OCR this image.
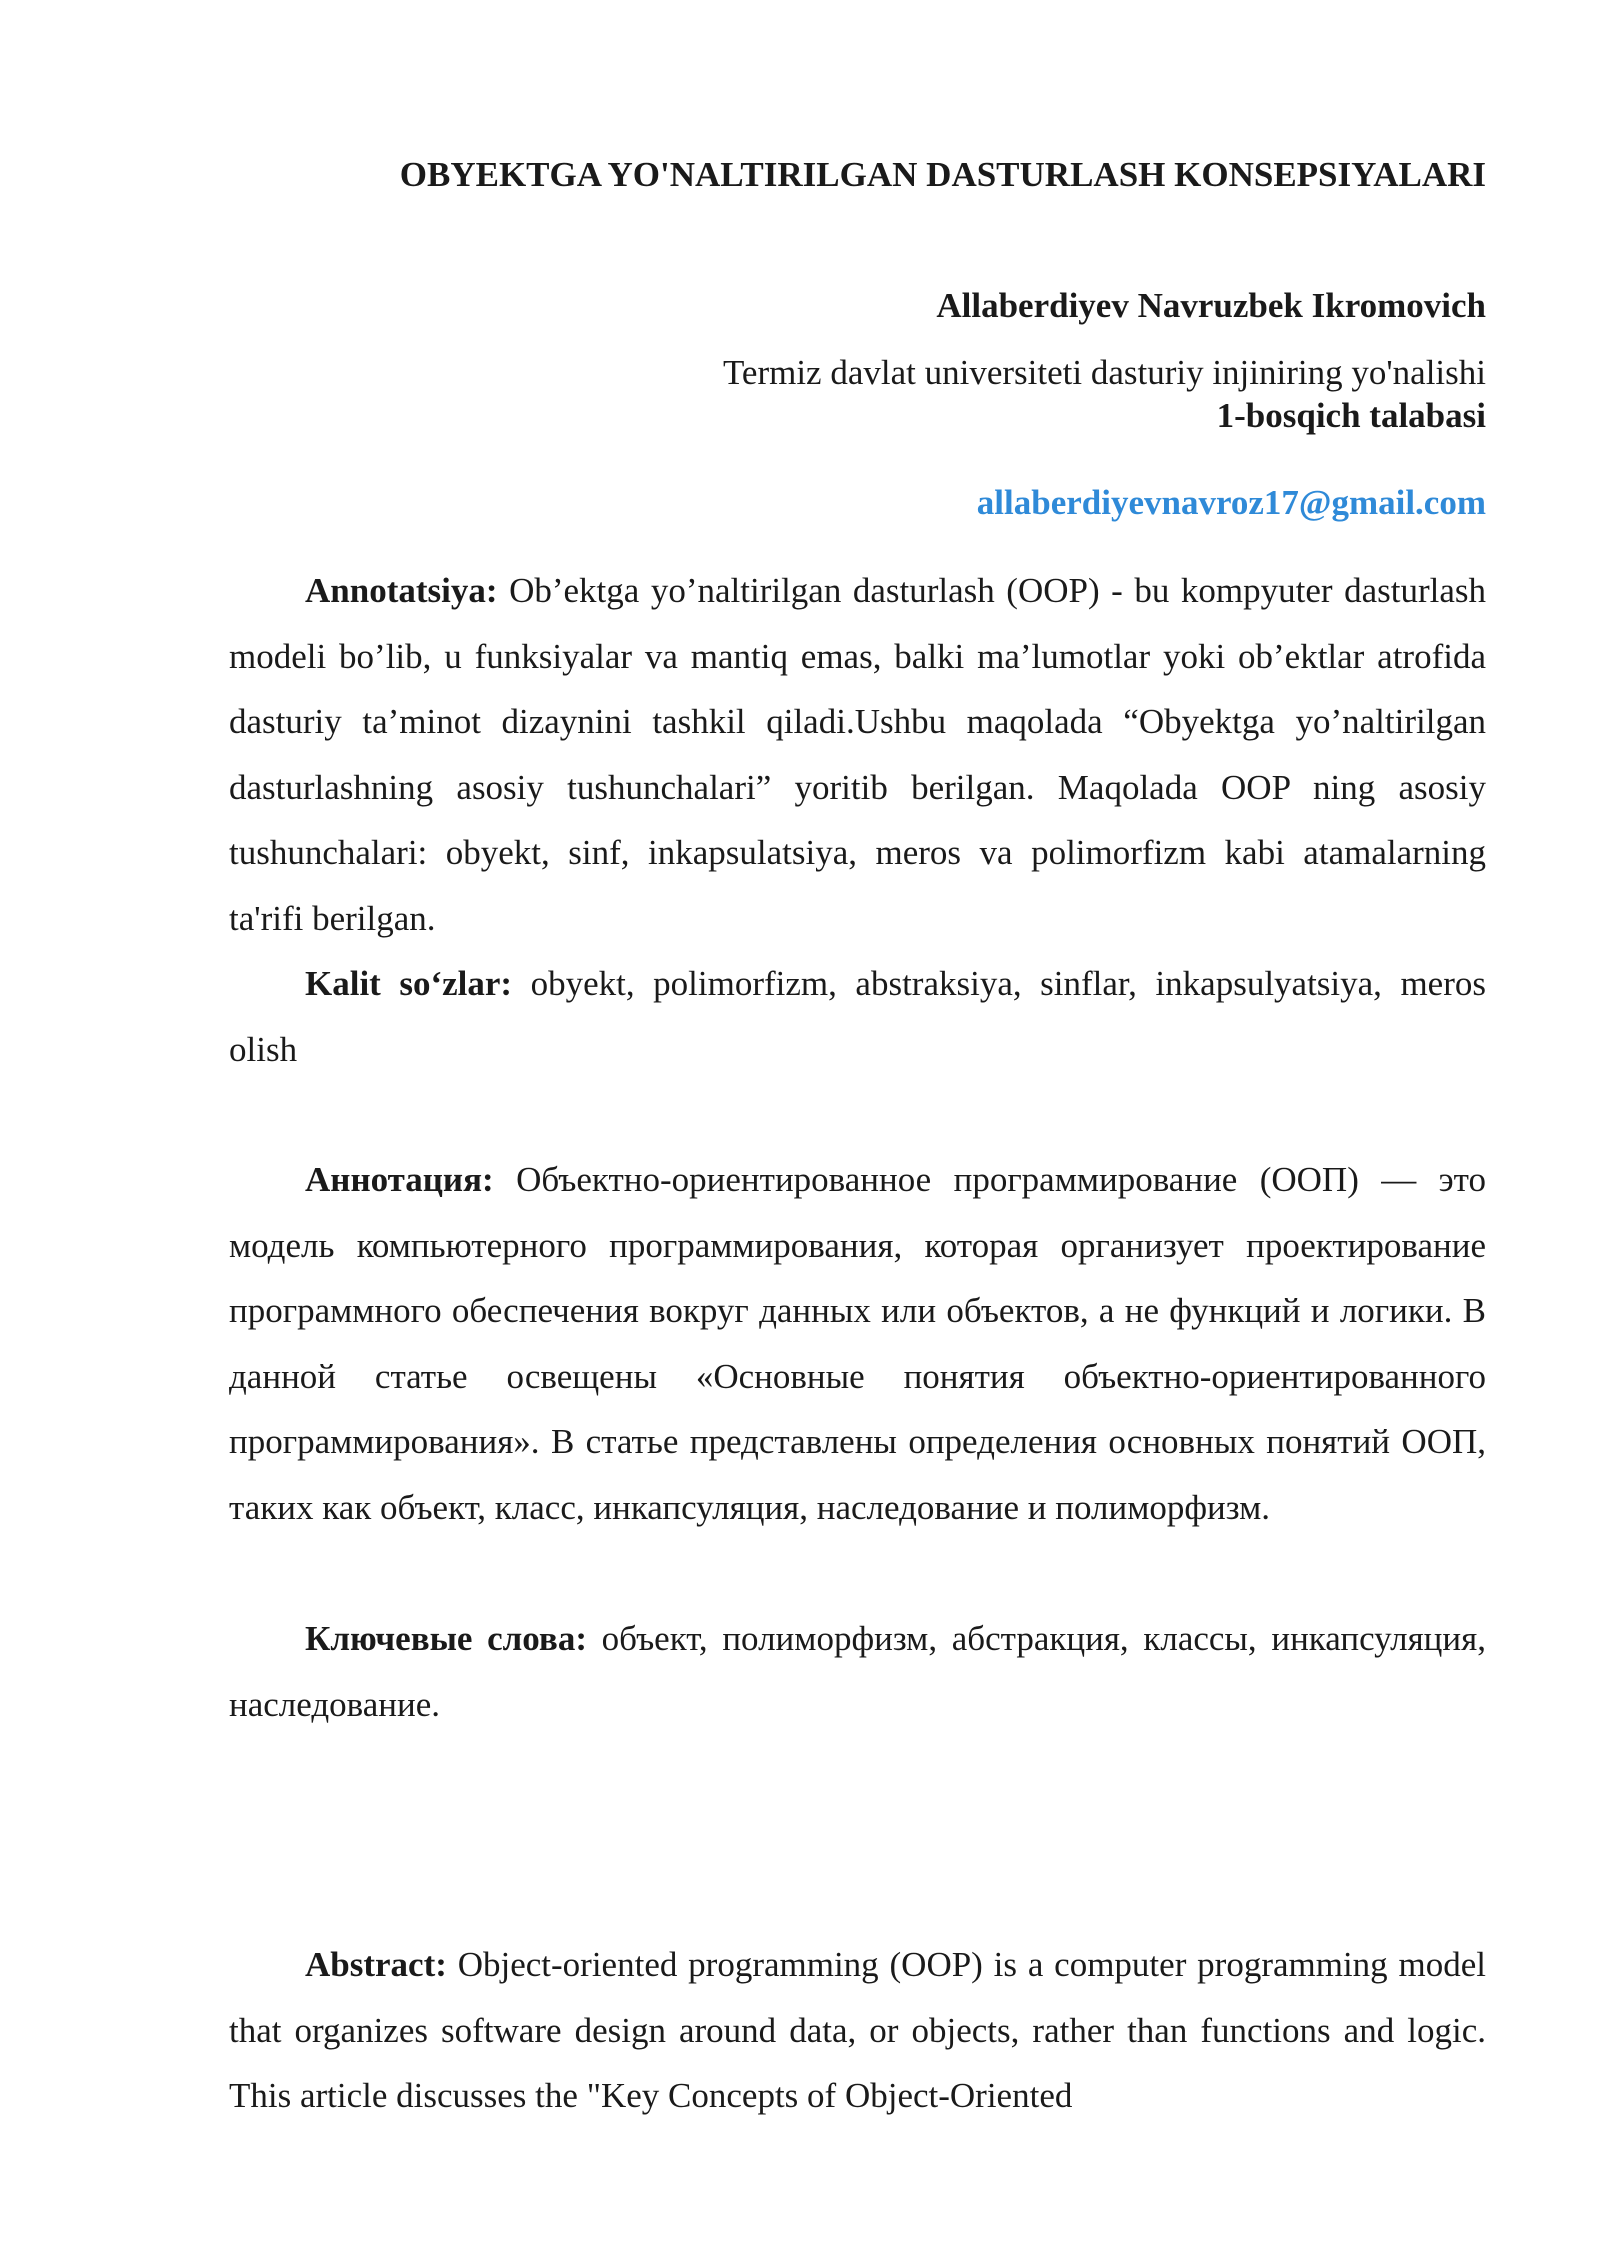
OBYEKTGA YO'NALTIRILGAN DASTURLASH KONSEPSIYALARI

Allaberdiyev Navruzbek Ikromovich

Termiz davlat universiteti dasturiy injiniring yo'nalishi

1-bosqich talabasi

allaberdiyevnavroz17@gmail.com

Annotatsiya: Ob’ektga yo’naltirilgan dasturlash (OOP) - bu kompyuter dasturlash modeli bo’lib, u funksiyalar va mantiq emas, balki ma’lumotlar yoki ob’ektlar atrofida dasturiy ta’minot dizaynini tashkil qiladi.Ushbu maqolada “Obyektga yo’naltirilgan dasturlashning asosiy tushunchalari” yoritib berilgan. Maqolada OOP ning asosiy tushunchalari: obyekt, sinf, inkapsulatsiya, meros va polimorfizm kabi atamalarning ta'rifi berilgan.

Kalit so‘zlar: obyekt, polimorfizm, abstraksiya, sinflar, inkapsulyatsiya, meros olish

Аннотация: Объектно-ориентированное программирование (ООП) — это модель компьютерного программирования, которая организует проектирование программного обеспечения вокруг данных или объектов, а не функций и логики. В данной статье освещены «Основные понятия объектно-ориентированного программирования». В статье представлены определения основных понятий ООП, таких как объект, класс, инкапсуляция, наследование и полиморфизм.

Ключевые слова: объект, полиморфизм, абстракция, классы, инкапсуляция, наследование.

Abstract: Object-oriented programming (OOP) is a computer programming model that organizes software design around data, or objects, rather than functions and logic. This article discusses the "Key Concepts of Object-Oriented
